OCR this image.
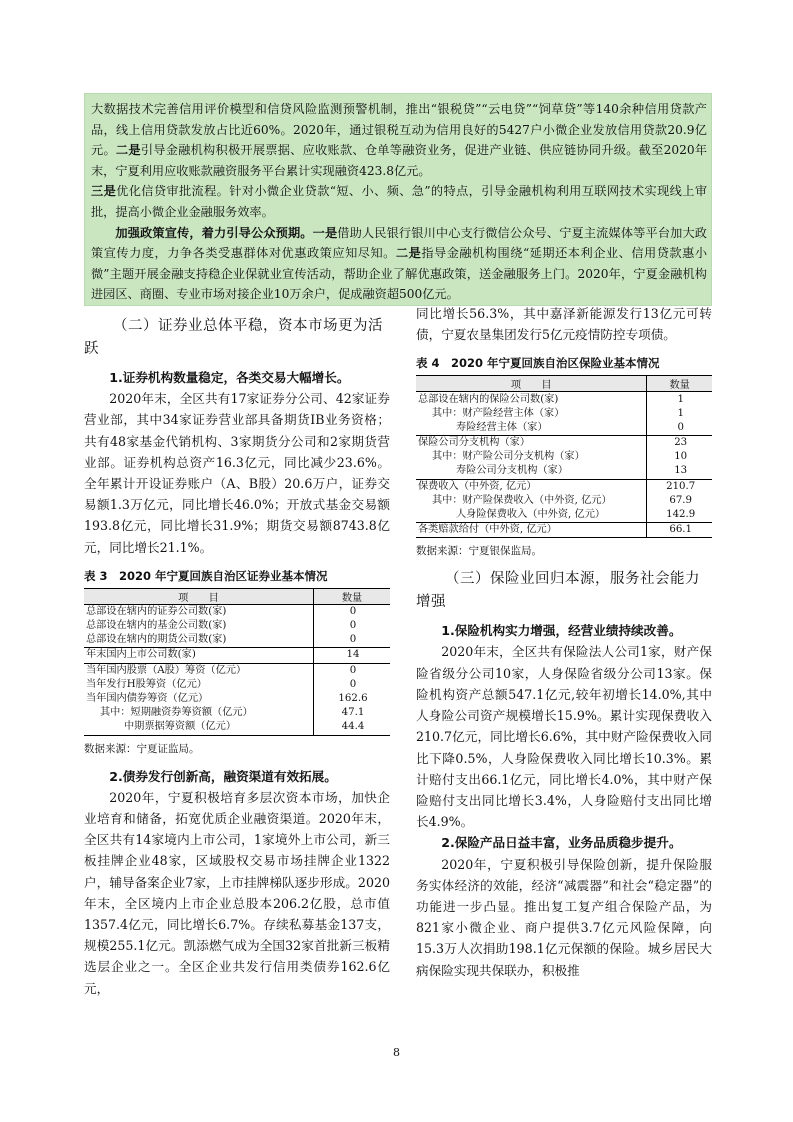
大数据技术完善信用评价模型和信贷风险监测预警机制，推出“银税贷”“云电贷”“饲草贷”等140余种信用贷款产品，线上信用贷款发放占比近60%。2020年，通过银税互动为信用良好的5427户小微企业发放信用贷款20.9亿元。二是引导金融机构积极开展票据、应收账款、仓单等融资业务，促进产业链、供应链协同升级。截至2020年末，宁夏利用应收账款融资服务平台累计实现融资423.8亿元。
三是优化信贷审批流程。针对小微企业贷款“短、小、频、急”的特点，引导金融机构利用互联网技术实现线上审批，提高小微企业金融服务效率。

加强政策宣传，着力引导公众预期。一是借助人民银行银川中心支行微信公众号、宁夏主流媒体等平台加大政策宣传力度，力争各类受惠群体对优惠政策应知尽知。二是指导金融机构围绕“延期还本利企业、信用贷款惠小微”主题开展金融支持稳企业保就业宣传活动，帮助企业了解优惠政策，送金融服务上门。2020年，宁夏金融机构进园区、商圈、专业市场对接企业10万余户，促成融资超500亿元。

（二）证券业总体平稳，资本市场更为活跃

1.证券机构数量稳定，各类交易大幅增长。

2020年末，全区共有17家证券分公司、42家证券营业部，其中34家证券营业部具备期货IB业务资格；共有48家基金代销机构、3家期货分公司和2家期货营业部。证券机构总资产16.3亿元，同比减少23.6%。全年累计开设证券账户（A、B股）20.6万户，证券交易额1.3万亿元，同比增长46.0%；开放式基金交易额193.8亿元，同比增长31.9%；期货交易额8743.8亿元，同比增长21.1%。

表 3　2020 年宁夏回族自治区证券业基本情况
项　　目	数量
总部设在辖内的证券公司数(家)	0
总部设在辖内的基金公司数(家)	0
总部设在辖内的期货公司数(家)	0
年末国内上市公司数(家)	14
当年国内股票（A股）筹资（亿元）	0
当年发行H股筹资（亿元）	0
当年国内债券筹资（亿元）	162.6
其中：短期融资券筹资额（亿元）	47.1
中期票据筹资额（亿元）	44.4
数据来源：宁夏证监局。

2.债券发行创新高，融资渠道有效拓展。

2020年，宁夏积极培育多层次资本市场，加快企业培育和储备，拓宽优质企业融资渠道。2020年末，全区共有14家境内上市公司，1家境外上市公司，新三板挂牌企业48家，区域股权交易市场挂牌企业1322户，辅导备案企业7家，上市挂牌梯队逐步形成。2020年末，全区境内上市企业总股本206.2亿股，总市值1357.4亿元，同比增长6.7%。存续私募基金137支，规模255.1亿元。凯添燃气成为全国32家首批新三板精选层企业之一。全区企业共发行信用类债券162.6亿元，

同比增长56.3%，其中嘉泽新能源发行13亿元可转债，宁夏农垦集团发行5亿元疫情防控专项债。

表 4　2020 年宁夏回族自治区保险业基本情况
项　　目	数量
总部设在辖内的保险公司数(家)	1
其中：财产险经营主体（家）	1
寿险经营主体（家）	0
保险公司分支机构（家）	23
其中：财产险公司分支机构（家）	10
寿险公司分支机构（家）	13
保费收入（中外资, 亿元）	210.7
其中：财产险保费收入（中外资, 亿元）	67.9
人身险保费收入（中外资, 亿元）	142.9
各类赔款给付（中外资, 亿元）	66.1
数据来源：宁夏银保监局。
（三）保险业回归本源，服务社会能力增强

1.保险机构实力增强，经营业绩持续改善。

2020年末，全区共有保险法人公司1家，财产保险省级分公司10家，人身保险省级分公司13家。保险机构资产总额547.1亿元,较年初增长14.0%,其中人身险公司资产规模增长15.9%。累计实现保费收入210.7亿元，同比增长6.6%，其中财产险保费收入同比下降0.5%，人身险保费收入同比增长10.3%。累计赔付支出66.1亿元，同比增长4.0%，其中财产保险赔付支出同比增长3.4%，人身险赔付支出同比增长4.9%。

2.保险产品日益丰富，业务品质稳步提升。

2020年，宁夏积极引导保险创新，提升保险服务实体经济的效能，经济“减震器”和社会“稳定器”的功能进一步凸显。推出复工复产组合保险产品，为821家小微企业、商户提供3.7亿元风险保障，向15.3万人次捐助198.1亿元保额的保险。城乡居民大病保险实现共保联办，积极推

8
